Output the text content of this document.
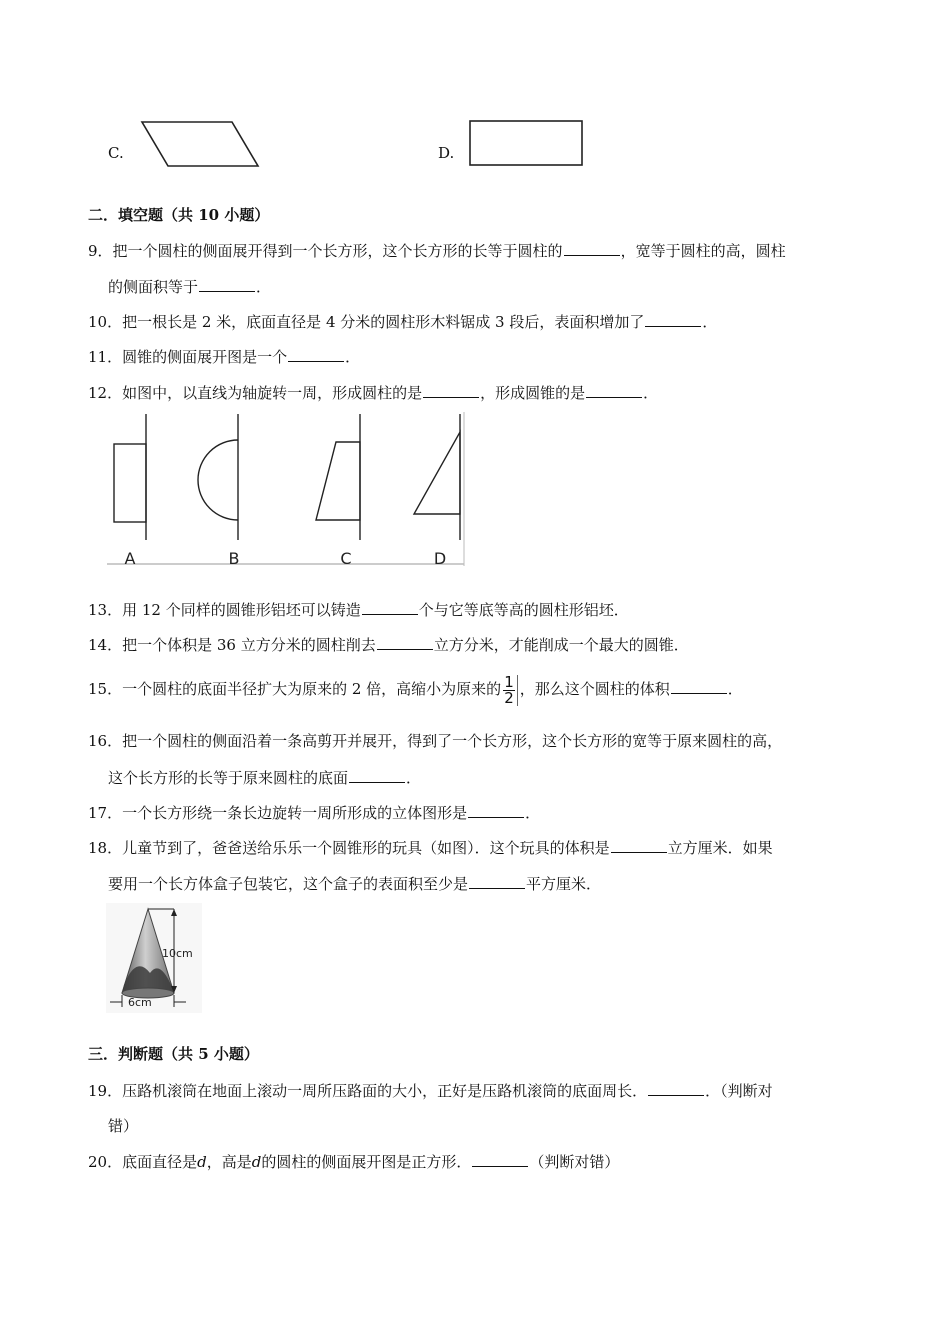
C.	D.
二．填空题（共 10 小题）
9．把一个圆柱的侧面展开得到一个长方形，这个长方形的长等于圆柱的	，宽等于圆柱的高，圆柱
的侧面积等于	．
10．把一根长是 2 米，底面直径是 4 分米的圆柱形木料锯成 3 段后，表面积增加了	．
11．圆锥的侧面展开图是一个	．
12．如图中，以直线为轴旋转一周，形成圆柱的是	，形成圆锥的是	．
A	B	C	D
13．用 12 个同样的圆锥形铝坯可以铸造	个与它等底等高的圆柱形铝坯．
14．把一个体积是 36 立方分米的圆柱削去	立方分米，才能削成一个最大的圆锥．
15．一个圆柱的底面半径扩大为原来的 2 倍，高缩小为原来的 $\frac{1}{2}$ ，那么这个圆柱的体积	．
16．把一个圆柱的侧面沿着一条高剪开并展开，得到了一个长方形，这个长方形的宽等于原来圆柱的高，
这个长方形的长等于原来圆柱的底面	．
17．一个长方形绕一条长边旋转一周所形成的立体图形是	．
18．儿童节到了，爸爸送给乐乐一个圆锥形的玩具（如图）．这个玩具的体积是	立方厘米．如果
要用一个长方体盒子包装它，这个盒子的表面积至少是	平方厘米．
10cm
6cm
三．判断题（共 5 小题）
19．压路机滚筒在地面上滚动一周所压路面的大小，正好是压路机滚筒的底面周长．	．（判断对
错）
20．底面直径是d，高是d的圆柱的侧面展开图是正方形．	（判断对错）
